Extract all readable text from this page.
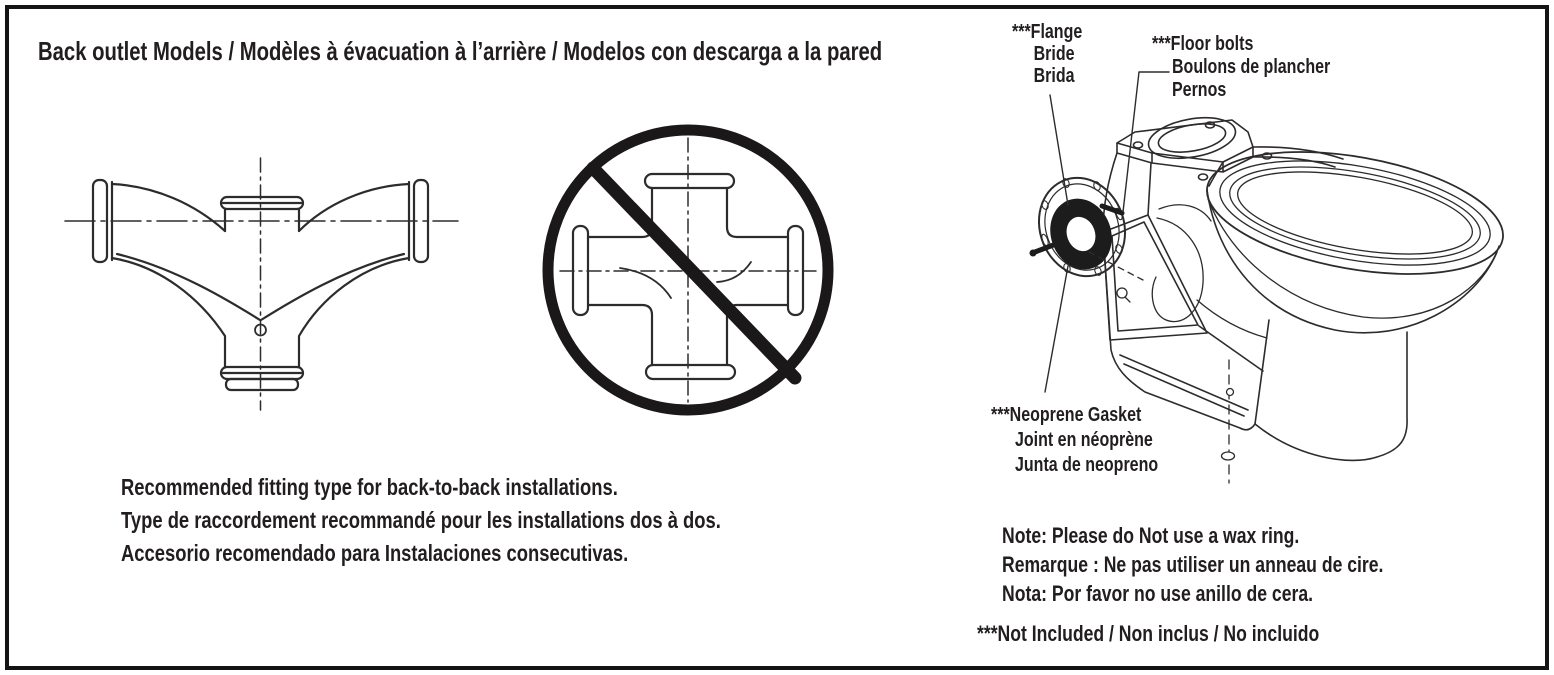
Back outlet Models / Modèles à évacuation à l’arrière / Modelos con descarga a la pared
***Flange
Bride
Brida
***Floor bolts
Boulons de plancher
Pernos
***Neoprene Gasket
Joint en néoprène
Junta de neopreno
Recommended fitting type for back-to-back installations.
Type de raccordement recommandé pour les installations dos à dos.
Accesorio recomendado para Instalaciones consecutivas.
Note: Please do Not use a wax ring.
Remarque : Ne pas utiliser un anneau de cire.
Nota: Por favor no use anillo de cera.
***Not Included / Non inclus / No incluido
